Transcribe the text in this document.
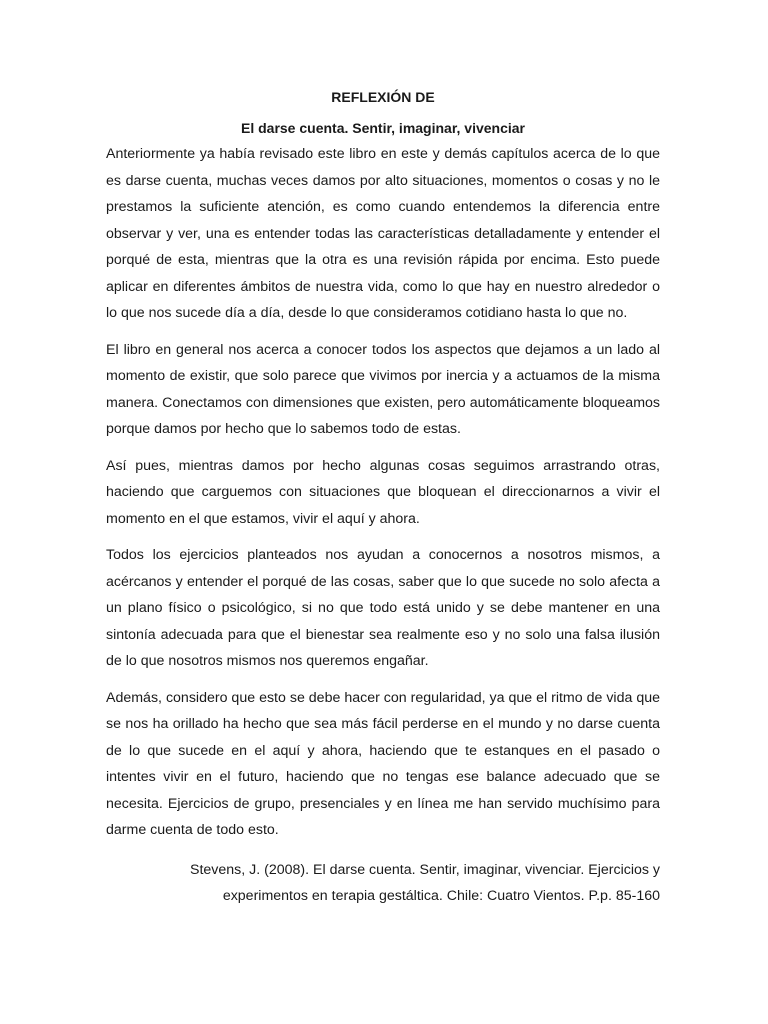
REFLEXIÓN DE

El darse cuenta. Sentir, imaginar, vivenciar

Anteriormente ya había revisado este libro en este y demás capítulos acerca de lo que es darse cuenta, muchas veces damos por alto situaciones, momentos o cosas y no le prestamos la suficiente atención, es como cuando entendemos la diferencia entre observar y ver, una es entender todas las características detalladamente y entender el porqué de esta, mientras que la otra es una revisión rápida por encima. Esto puede aplicar en diferentes ámbitos de nuestra vida, como lo que hay en nuestro alrededor o lo que nos sucede día a día, desde lo que consideramos cotidiano hasta lo que no.

El libro en general nos acerca a conocer todos los aspectos que dejamos a un lado al momento de existir, que solo parece que vivimos por inercia y a actuamos de la misma manera. Conectamos con dimensiones que existen, pero automáticamente bloqueamos porque damos por hecho que lo sabemos todo de estas.

Así pues, mientras damos por hecho algunas cosas seguimos arrastrando otras, haciendo que carguemos con situaciones que bloquean el direccionarnos a vivir el momento en el que estamos, vivir el aquí y ahora.

Todos los ejercicios planteados nos ayudan a conocernos a nosotros mismos, a acércanos y entender el porqué de las cosas, saber que lo que sucede no solo afecta a un plano físico o psicológico, si no que todo está unido y se debe mantener en una sintonía adecuada para que el bienestar sea realmente eso y no solo una falsa ilusión de lo que nosotros mismos nos queremos engañar.

Además, considero que esto se debe hacer con regularidad, ya que el ritmo de vida que se nos ha orillado ha hecho que sea más fácil perderse en el mundo y no darse cuenta de lo que sucede en el aquí y ahora, haciendo que te estanques en el pasado o intentes vivir en el futuro, haciendo que no tengas ese balance adecuado que se necesita. Ejercicios de grupo, presenciales y en línea me han servido muchísimo para darme cuenta de todo esto.

Stevens, J. (2008). El darse cuenta. Sentir, imaginar, vivenciar. Ejercicios y
experimentos en terapia gestáltica. Chile: Cuatro Vientos. P.p. 85-160
